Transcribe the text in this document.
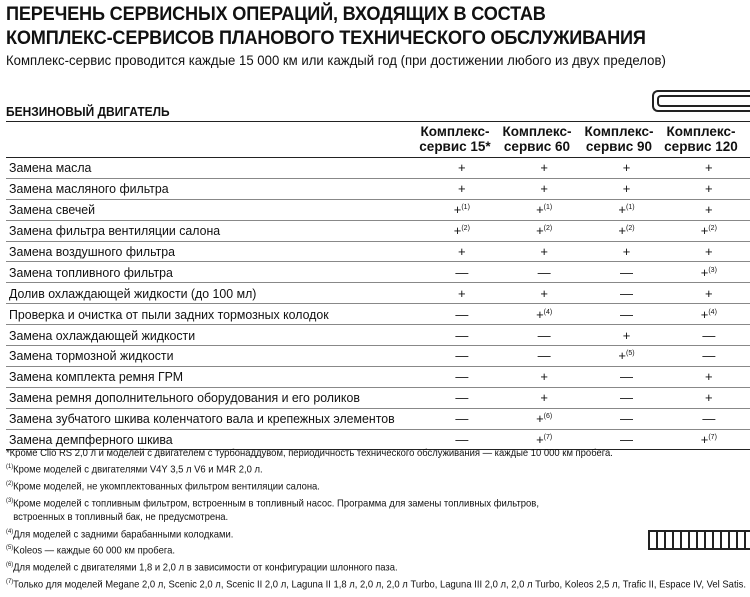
ПЕРЕЧЕНЬ СЕРВИСНЫХ ОПЕРАЦИЙ, ВХОДЯЩИХ В СОСТАВ
КОМПЛЕКС-СЕРВИСОВ ПЛАНОВОГО ТЕХНИЧЕСКОГО ОБСЛУЖИВАНИЯ
Комплекс-сервис проводится каждые 15 000 км или каждый год (при достижении любого из двух пределов)
БЕНЗИНОВЫЙ ДВИГАТЕЛЬ
Комплекс-
сервис 15*
Комплекс-
сервис 60
Комплекс-
сервис 90
Комплекс-
сервис 120
Замена масла	+	+	+	+
Замена масляного фильтра	+	+	+	+
Замена свечей	+$^{(1)}$	+$^{(1)}$	+$^{(1)}$	+
Замена фильтра вентиляции салона	+$^{(2)}$	+$^{(2)}$	+$^{(2)}$	+$^{(2)}$
Замена воздушного фильтра	+	+	+	+
Замена топливного фильтра	—	—	—	+$^{(3)}$
Долив охлаждающей жидкости (до 100 мл)	+	+	—	+
Проверка и очистка от пыли задних тормозных колодок	—	+$^{(4)}$	—	+$^{(4)}$
Замена охлаждающей жидкости	—	—	+	—
Замена тормозной жидкости	—	—	+$^{(5)}$	—
Замена комплекта ремня ГРМ	—	+	—	+
Замена ремня дополнительного оборудования и его роликов	—	+	—	+
Замена зубчатого шкива коленчатого вала и крепежных элементов	—	+$^{(6)}$	—	—
Замена демпферного шкива	—	+$^{(7)}$	—	+$^{(7)}$
*Кроме Clio RS 2,0 л и моделей с двигателем с турбонаддувом, периодичность технического обслуживания — каждые 10 000 км пробега.
$^{(1)}$Кроме моделей с двигателями V4Y 3,5 л V6 и M4R 2,0 л.
$^{(2)}$Кроме моделей, не укомплектованных фильтром вентиляции салона.
$^{(3)}$Кроме моделей с топливным фильтром, встроенным в топливный насос. Программа для замены топливных фильтров,
встроенных в топливный бак, не предусмотрена.
$^{(4)}$Для моделей с задними барабанными колодками.
$^{(5)}$Koleos — каждые 60 000 км пробега.
$^{(6)}$Для моделей с двигателями 1,8 и 2,0 л в зависимости от конфигурации шлонного паза.
$^{(7)}$Только для моделей Megane 2,0 л, Scenic 2,0 л, Scenic II 2,0 л, Laguna II 1,8 л, 2,0 л, 2,0 л Turbo, Laguna III 2,0 л, 2,0 л Turbo, Koleos 2,5 л, Trafic II, Espace IV, Vel Satis.
